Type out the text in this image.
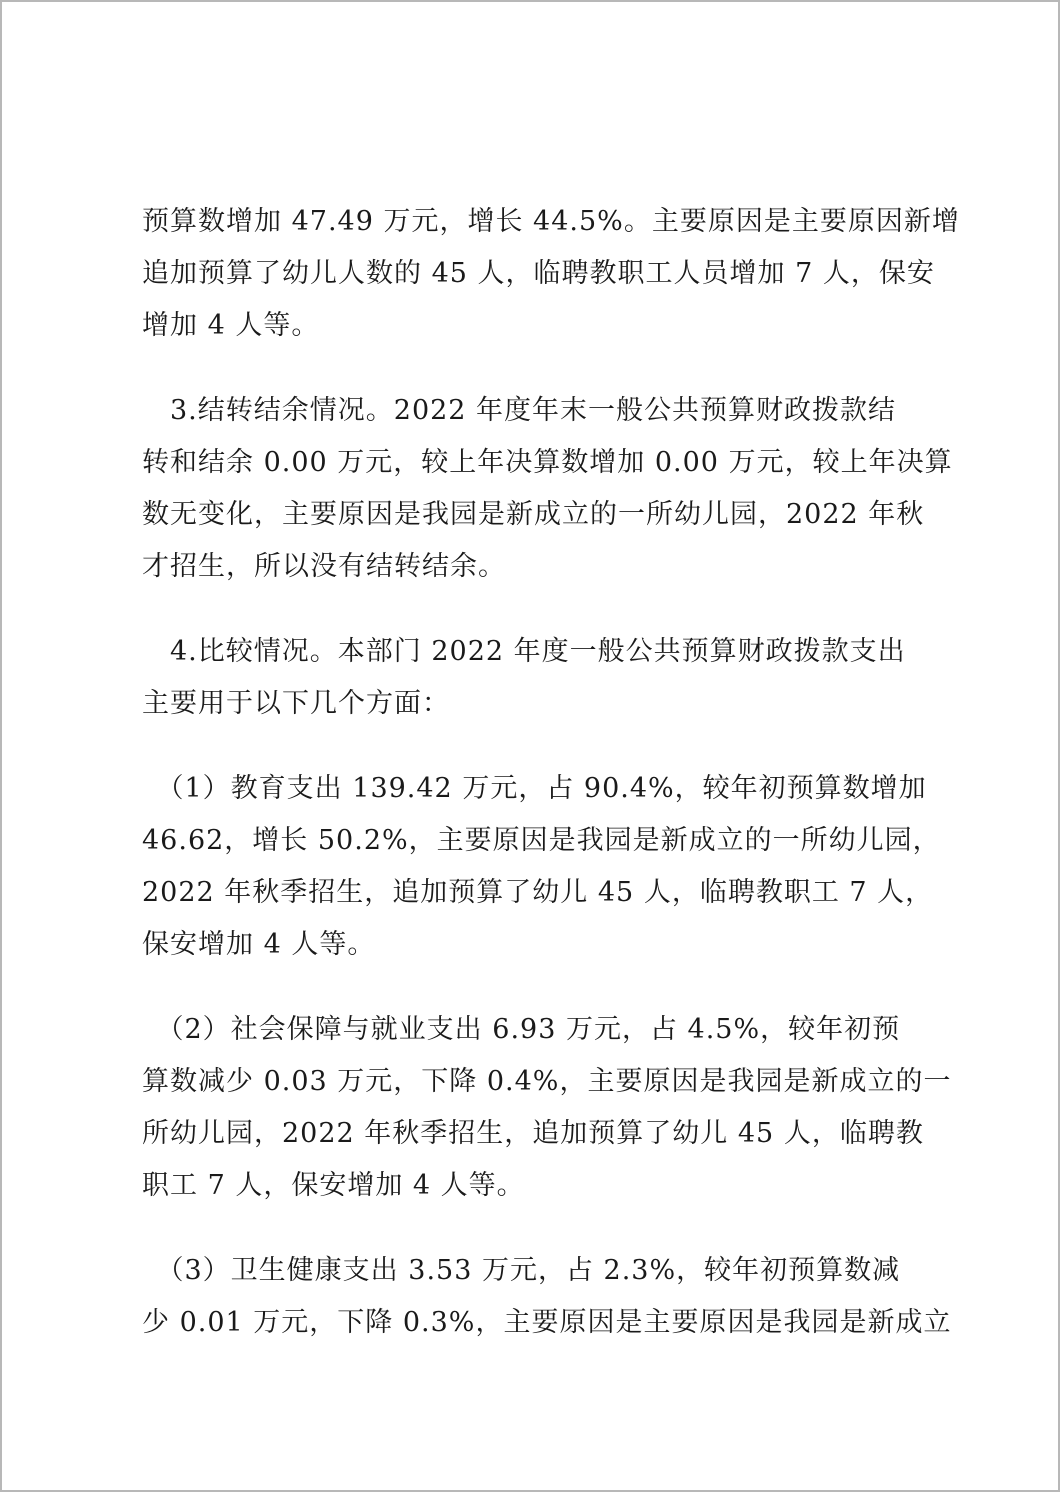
预算数增加 47.49 万元，增长 44.5%。主要原因是主要原因新增
追加预算了幼儿人数的 45 人，临聘教职工人员增加 7 人，保安
增加 4 人等。
　3.结转结余情况。2022 年度年末一般公共预算财政拨款结
转和结余 0.00 万元，较上年决算数增加 0.00 万元，较上年决算
数无变化，主要原因是我园是新成立的一所幼儿园，2022 年秋
才招生，所以没有结转结余。
　4.比较情况。本部门 2022 年度一般公共预算财政拨款支出
主要用于以下几个方面：
　（1）教育支出 139.42 万元，占 90.4%，较年初预算数增加
46.62，增长 50.2%，主要原因是我园是新成立的一所幼儿园，
2022 年秋季招生，追加预算了幼儿 45 人，临聘教职工 7 人，
保安增加 4 人等。
　（2）社会保障与就业支出 6.93 万元，占 4.5%，较年初预
算数减少 0.03 万元，下降 0.4%，主要原因是我园是新成立的一
所幼儿园，2022 年秋季招生，追加预算了幼儿 45 人，临聘教
职工 7 人，保安增加 4 人等。
　（3）卫生健康支出 3.53 万元，占 2.3%，较年初预算数减
少 0.01 万元，下降 0.3%，主要原因是主要原因是我园是新成立
